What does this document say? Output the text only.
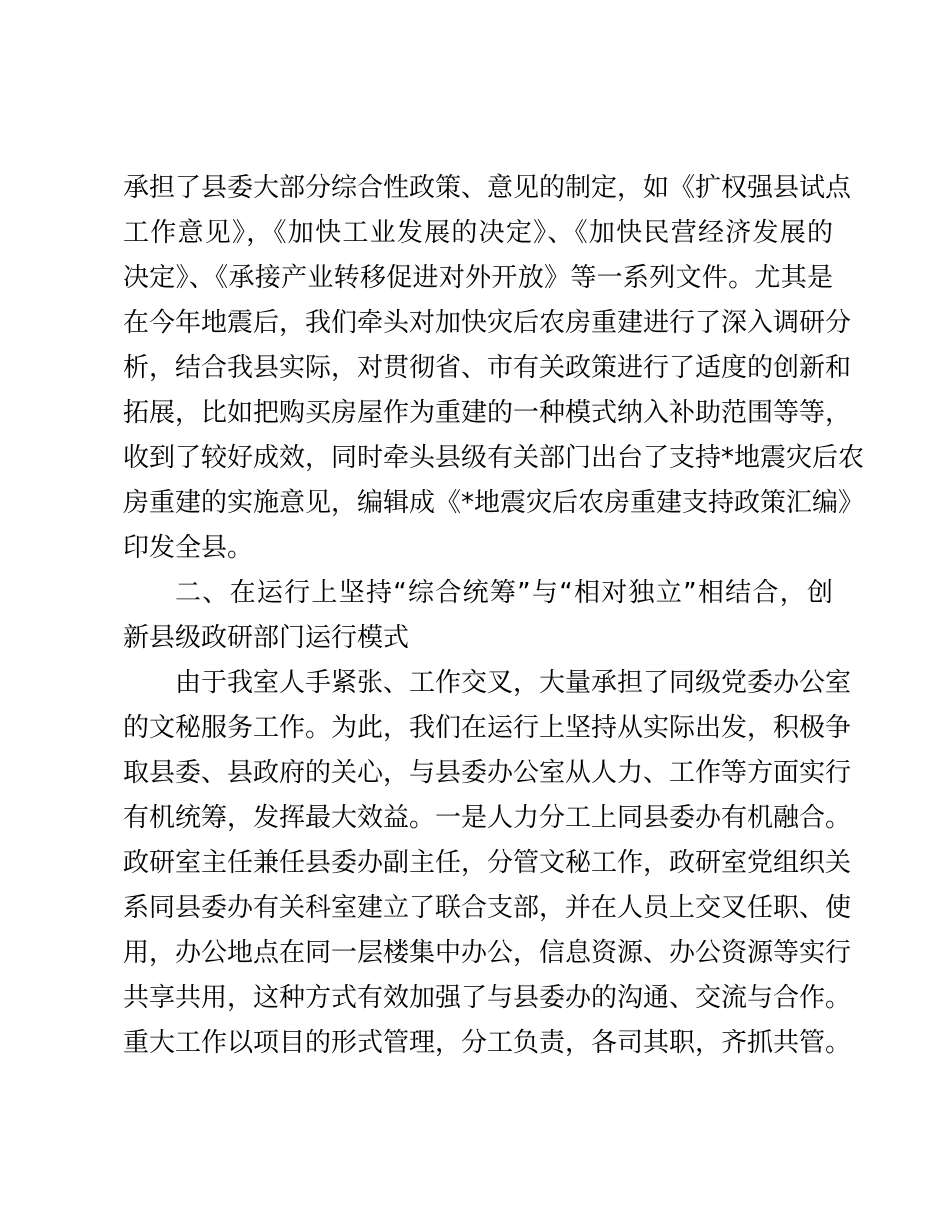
承担了县委大部分综合性政策、意见的制定，如《扩权强县试点
工作意见》，《加快工业发展的决定》、《加快民营经济发展的
决定》、《承接产业转移促进对外开放》等一系列文件。尤其是
在今年地震后，我们牵头对加快灾后农房重建进行了深入调研分
析，结合我县实际，对贯彻省、市有关政策进行了适度的创新和
拓展，比如把购买房屋作为重建的一种模式纳入补助范围等等，
收到了较好成效，同时牵头县级有关部门出台了支持*地震灾后农
房重建的实施意见，编辑成《*地震灾后农房重建支持政策汇编》
印发全县。
二、在运行上坚持“综合统筹”与“相对独立”相结合，创
新县级政研部门运行模式
由于我室人手紧张、工作交叉，大量承担了同级党委办公室
的文秘服务工作。为此，我们在运行上坚持从实际出发，积极争
取县委、县政府的关心，与县委办公室从人力、工作等方面实行
有机统筹，发挥最大效益。一是人力分工上同县委办有机融合。
政研室主任兼任县委办副主任，分管文秘工作，政研室党组织关
系同县委办有关科室建立了联合支部，并在人员上交叉任职、使
用，办公地点在同一层楼集中办公，信息资源、办公资源等实行
共享共用，这种方式有效加强了与县委办的沟通、交流与合作。
重大工作以项目的形式管理，分工负责，各司其职，齐抓共管。
